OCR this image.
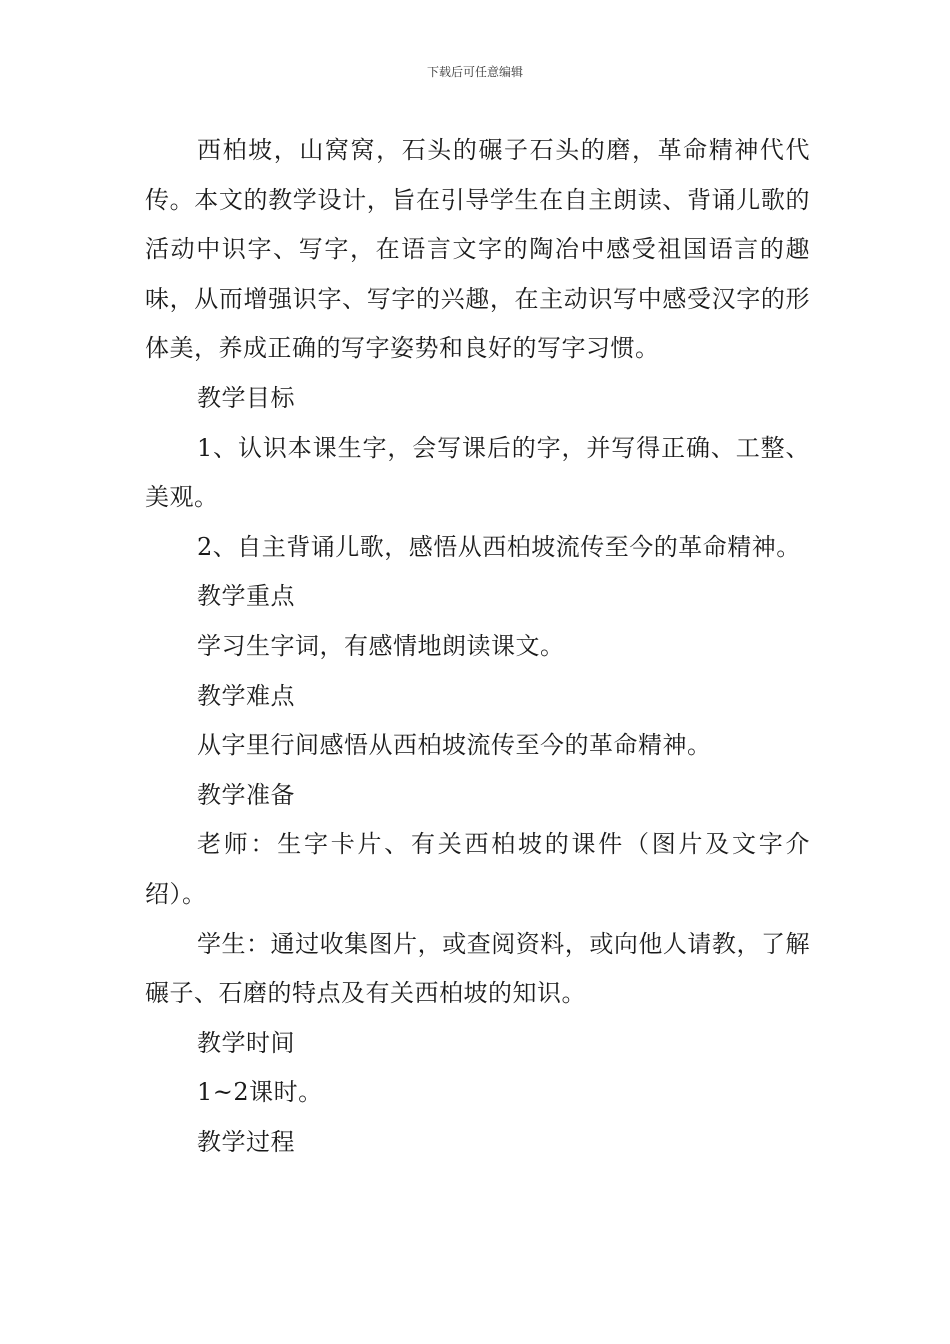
下载后可任意编辑

西柏坡，山窝窝，石头的碾子石头的磨，革命精神代代传。本文的教学设计，旨在引导学生在自主朗读、背诵儿歌的活动中识字、写字，在语言文字的陶冶中感受祖国语言的趣味，从而增强识字、写字的兴趣，在主动识写中感受汉字的形体美，养成正确的写字姿势和良好的写字习惯。

教学目标

1、认识本课生字，会写课后的字，并写得正确、工整、美观。

2、自主背诵儿歌，感悟从西柏坡流传至今的革命精神。

教学重点

学习生字词，有感情地朗读课文。

教学难点

从字里行间感悟从西柏坡流传至今的革命精神。

教学准备

老师：生字卡片、有关西柏坡的课件（图片及文字介绍）。

学生：通过收集图片，或查阅资料，或向他人请教，了解碾子、石磨的特点及有关西柏坡的知识。

教学时间

1~2课时。

教学过程
